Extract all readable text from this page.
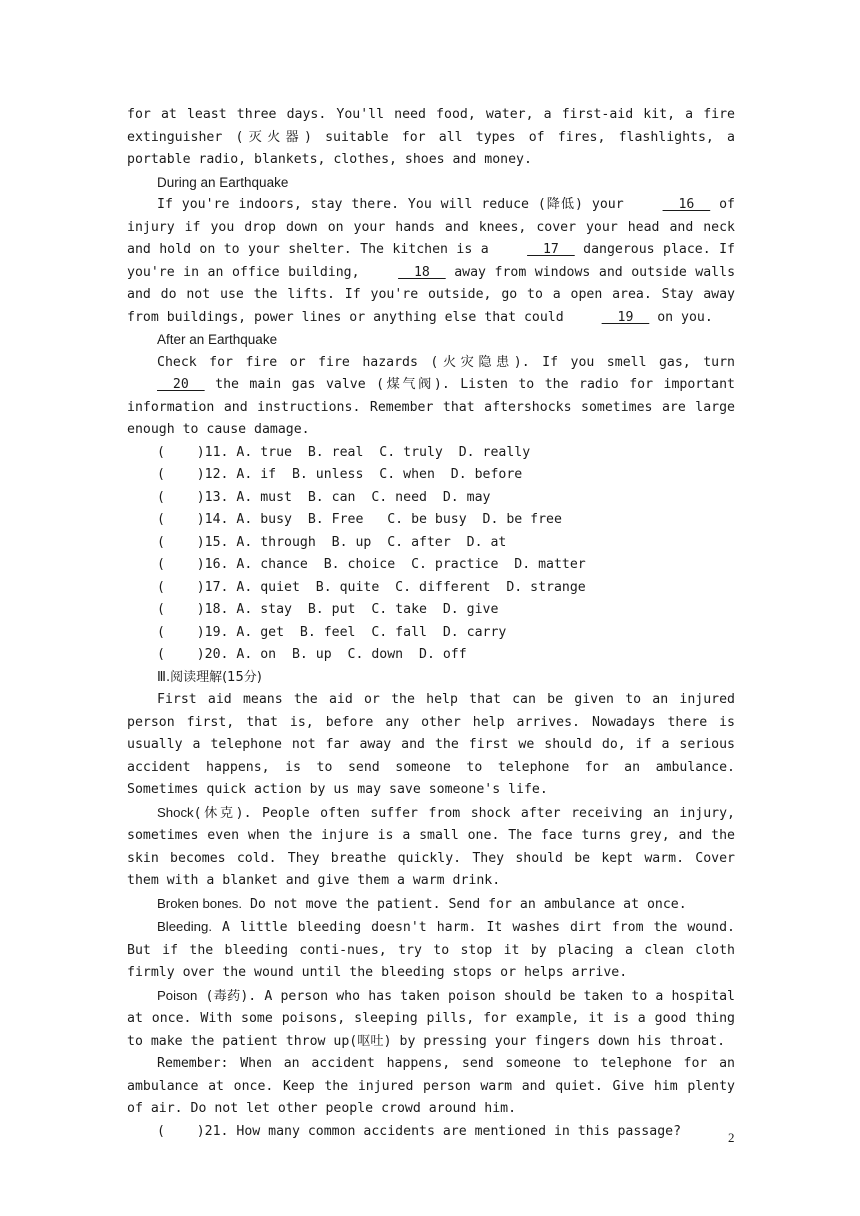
for at least three days. You'll need food, water, a first-aid kit, a fire extinguisher (灭火器) suitable for all types of fires, flashlights, a portable radio, blankets, clothes, shoes and money.

During an Earthquake

If you're indoors, stay there. You will reduce (降低) your   16   of injury if you drop down on your hands and knees, cover your head and neck and hold on to your shelter. The kitchen is a   17   dangerous place. If you're in an office building,   18   away from windows and outside walls and do not use the lifts. If you're outside, go to a open area. Stay away from buildings, power lines or anything else that could   19   on you.

After an Earthquake

Check for fire or fire hazards (火灾隐患). If you smell gas, turn   20   the main gas valve (煤气阀). Listen to the radio for important information and instructions. Remember that aftershocks sometimes are large enough to cause damage.

(    )11. A. true  B. real  C. truly  D. really

(    )12. A. if  B. unless  C. when  D. before

(    )13. A. must  B. can  C. need  D. may

(    )14. A. busy  B. Free   C. be busy  D. be free

(    )15. A. through  B. up  C. after  D. at

(    )16. A. chance  B. choice  C. practice  D. matter

(    )17. A. quiet  B. quite  C. different  D. strange

(    )18. A. stay  B. put  C. take  D. give

(    )19. A. get  B. feel  C. fall  D. carry

(    )20. A. on  B. up  C. down  D. off

Ⅲ.阅读理解(15分)

First aid means the aid or the help that can be given to an injured person first, that is, before any other help arrives. Nowadays there is usually a telephone not far away and the first we should do, if a serious accident happens, is to send someone to telephone for an ambulance. Sometimes quick action by us may save someone's life.

Shock(休克). People often suffer from shock after receiving an injury, sometimes even when the injure is a small one. The face turns grey, and the skin becomes cold. They breathe quickly. They should be kept warm. Cover them with a blanket and give them a warm drink.

Broken bones. Do not move the patient. Send for an ambulance at once.

Bleeding. A little bleeding doesn't harm. It washes dirt from the wound. But if the bleeding conti-nues, try to stop it by placing a clean cloth firmly over the wound until the bleeding stops or helps arrive.

Poison (毒药). A person who has taken poison should be taken to a hospital at once. With some poisons, sleeping pills, for example, it is a good thing to make the patient throw up(呕吐) by pressing your fingers down his throat.

Remember: When an accident happens, send someone to telephone for an ambulance at once. Keep the injured person warm and quiet. Give him plenty of air. Do not let other people crowd around him.

(    )21. How many common accidents are mentioned in this passage?	2
